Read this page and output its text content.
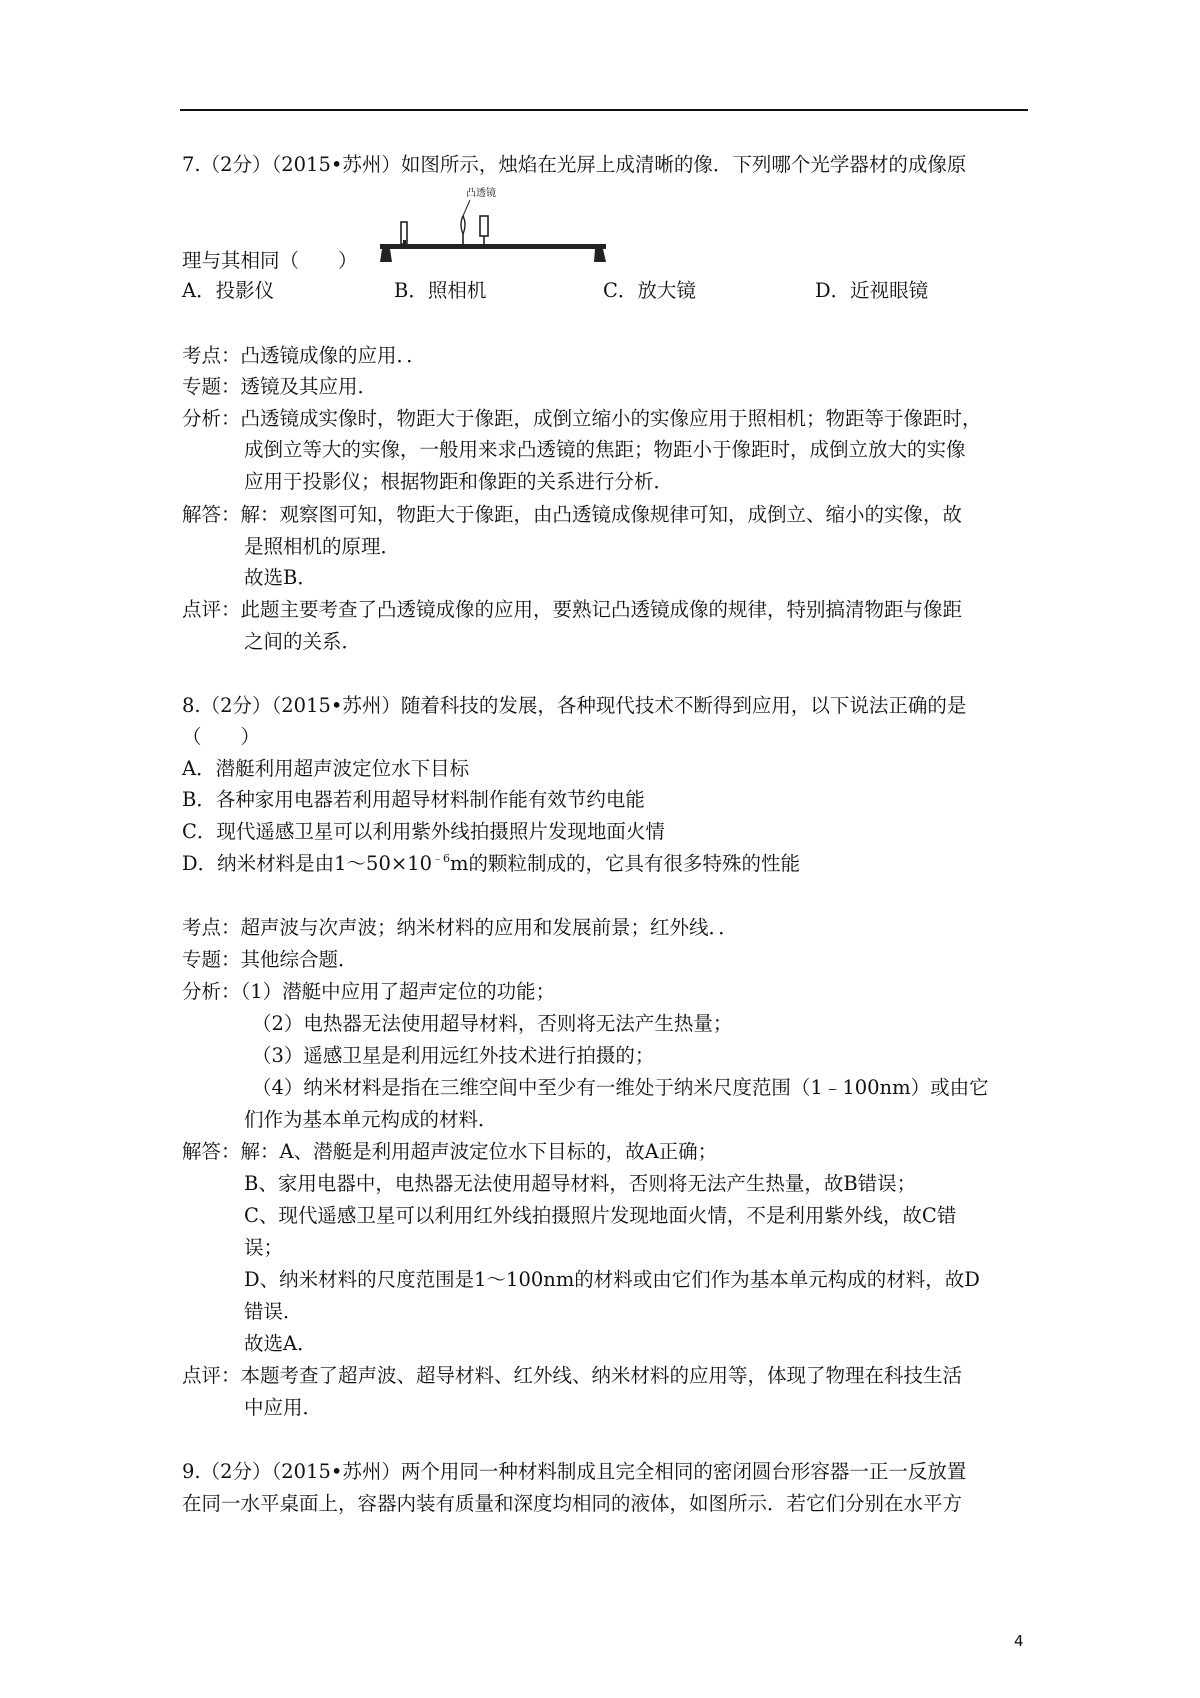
7.（2分）（2015•苏州）如图所示，烛焰在光屏上成清晰的像．下列哪个光学器材的成像原
凸透镜
理与其相同（　　）
A．投影仪	B．照相机	C．放大镜	D．近视眼镜
考点：凸透镜成像的应用．．
专题：透镜及其应用．
分析：凸透镜成实像时，物距大于像距，成倒立缩小的实像应用于照相机；物距等于像距时，
成倒立等大的实像，一般用来求凸透镜的焦距；物距小于像距时，成倒立放大的实像
应用于投影仪；根据物距和像距的关系进行分析．
解答：解：观察图可知，物距大于像距，由凸透镜成像规律可知，成倒立、缩小的实像，故
是照相机的原理．
故选B．
点评：此题主要考查了凸透镜成像的应用，要熟记凸透镜成像的规律，特别搞清物距与像距
之间的关系．
8.（2分）（2015•苏州）随着科技的发展，各种现代技术不断得到应用，以下说法正确的是
（　　）
A．潜艇利用超声波定位水下目标
B．各种家用电器若利用超导材料制作能有效节约电能
C．现代遥感卫星可以利用紫外线拍摄照片发现地面火情
D．纳米材料是由$1\sim 50\times 10^{﹣6}m$的颗粒制成的，它具有很多特殊的性能
考点：超声波与次声波；纳米材料的应用和发展前景；红外线．．
专题：其他综合题．
分析：（1）潜艇中应用了超声定位的功能；
（2）电热器无法使用超导材料，否则将无法产生热量；
（3）遥感卫星是利用远红外技术进行拍摄的；
（4）纳米材料是指在三维空间中至少有一维处于纳米尺度范围（1﹣100nm）或由它
们作为基本单元构成的材料．
解答：解：A、潜艇是利用超声波定位水下目标的，故A正确；
B、家用电器中，电热器无法使用超导材料，否则将无法产生热量，故B错误；
C、现代遥感卫星可以利用红外线拍摄照片发现地面火情，不是利用紫外线，故C错
误；
D、纳米材料的尺度范围是1～100nm的材料或由它们作为基本单元构成的材料，故D
错误．
故选A．
点评：本题考查了超声波、超导材料、红外线、纳米材料的应用等，体现了物理在科技生活
中应用．
9.（2分）（2015•苏州）两个用同一种材料制成且完全相同的密闭圆台形容器一正一反放置
在同一水平桌面上，容器内装有质量和深度均相同的液体，如图所示．若它们分别在水平方
4
